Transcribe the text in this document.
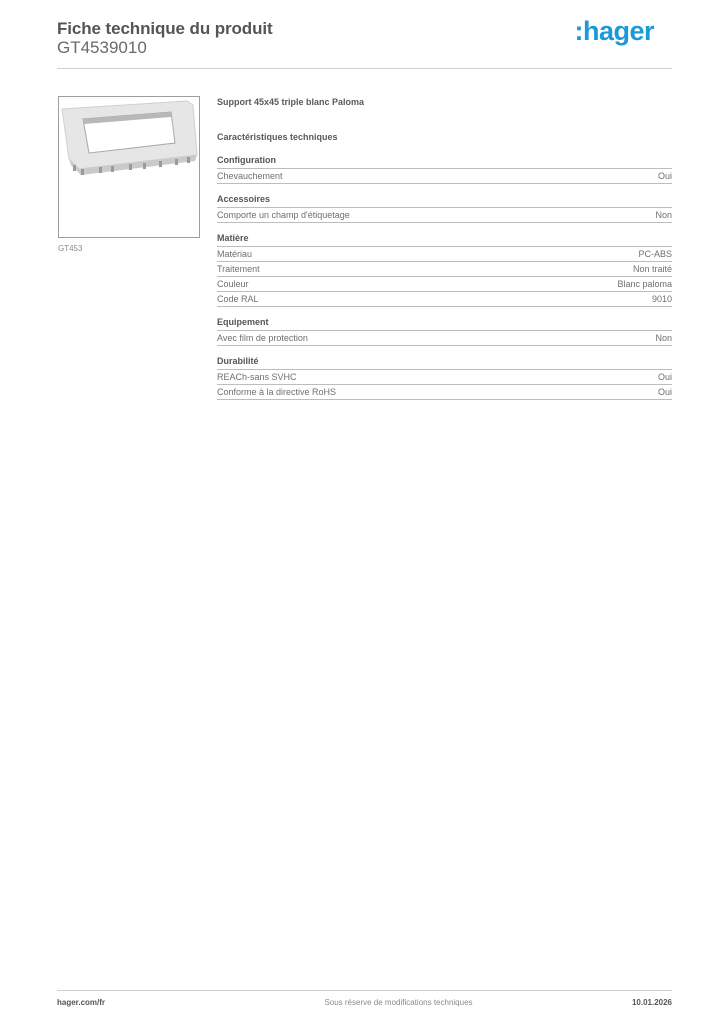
Fiche technique du produit
GT4539010
:hager
GT453
Support 45x45 triple blanc Paloma
Caractéristiques techniques
Configuration
Chevauchement	Oui
Accessoires
Comporte un champ d'étiquetage	Non
Matière
Matériau	PC-ABS
Traitement	Non traité
Couleur	Blanc paloma
Code RAL	9010
Equipement
Avec film de protection	Non
Durabilité
REACh-sans SVHC	Oui
Conforme à la directive RoHS	Oui
hager.com/fr	Sous réserve de modifications techniques	10.01.2026
